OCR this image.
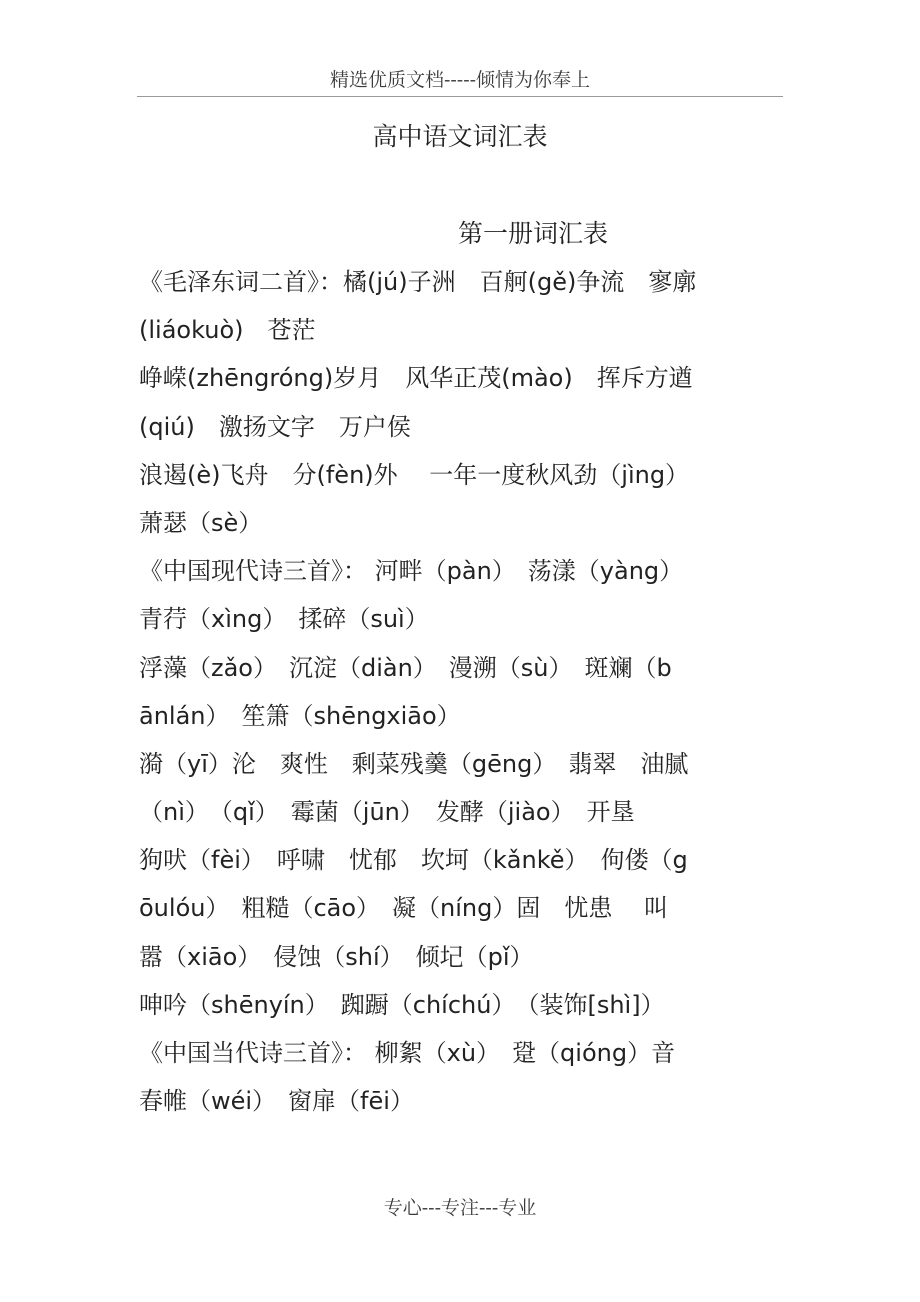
精选优质文档-----倾情为你奉上
高中语文词汇表
第一册词汇表
《毛泽东词二首》：橘(jú)子洲　百舸(gě)争流　寥廓
(liáokuò)　苍茫
峥嵘(zhēngróng)岁月　风华正茂(mào)　挥斥方遒
(qiú)　激扬文字　万户侯
浪遏(è)飞舟　分(fèn)外　 一年一度秋风劲（jìng）
萧瑟（sè）
《中国现代诗三首》： 河畔（pàn）　荡漾（yàng）
青荇（xìng）　揉碎（suì）
浮藻（zǎo）　沉淀（diàn）　漫溯（sù）　斑斓（b
ānlán）　笙箫（shēngxiāo）
漪（yī）沦　爽性　剩菜残羹（gēng）　翡翠　油腻
（nì）　（qǐ）　霉菌（jūn）　发酵（jiào）　开垦
狗吠（fèi）　呼啸　忧郁　坎坷（kǎnkě）　佝偻（g
ōulóu）　粗糙（cāo）　凝（níng）固　忧患　 叫
嚣（xiāo）　侵蚀（shí）　倾圮（pǐ）
呻吟（shēnyín）　踟蹰（chíchú）　（装饰[shì]）
《中国当代诗三首》： 柳絮（xù）　跫（qióng）音
春帷（wéi）　窗扉（fēi）
专心---专注---专业
